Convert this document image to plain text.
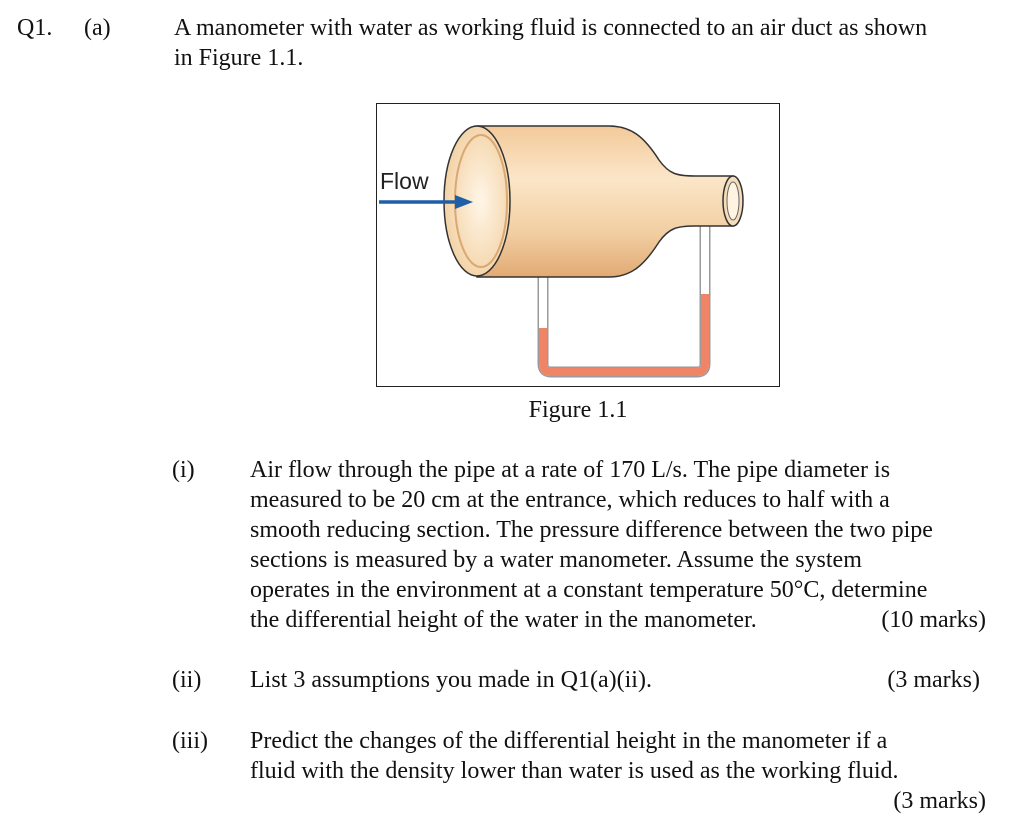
Q1. (a)	A manometer with water as working fluid is connected to an air duct as shown
in Figure 1.1.
Flow
Figure 1.1
(i) Air flow through the pipe at a rate of 170 L/s. The pipe diameter is
measured to be 20 cm at the entrance, which reduces to half with a
smooth reducing section. The pressure difference between the two pipe
sections is measured by a water manometer. Assume the system
operates in the environment at a constant temperature 50°C, determine
the differential height of the water in the manometer.	(10 marks)
(ii) List 3 assumptions you made in Q1(a)(ii).	(3 marks)
(iii) Predict the changes of the differential height in the manometer if a
fluid with the density lower than water is used as the working fluid.
(3 marks)
